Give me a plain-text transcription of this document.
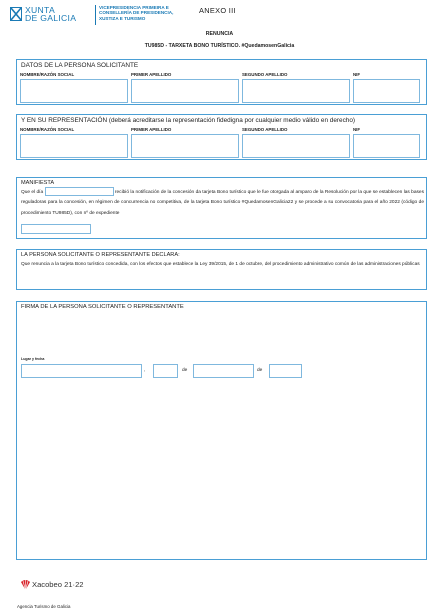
XUNTA
DE GALICIA
VICEPRESIDENCIA PRIMEIRA E
CONSELLERÍA DE PRESIDENCIA,
XUSTIZA E TURISMO
ANEXO III
RENUNCIA
TU985D - TARXETA BONO TURÍSTICO. #QuedamosenGalicia
DATOS DE LA PERSONA SOLICITANTE
NOMBRE/RAZÓN SOCIAL	PRIMER APELLIDO	SEGUNDO APELLIDO	NIF
Y EN SU REPRESENTACIÓN (deberá acreditarse la representación fidedigna por cualquier medio válido en derecho)
NOMBRE/RAZÓN SOCIAL	PRIMER APELLIDO	SEGUNDO APELLIDO	NIF
MANIFIESTA
Que el día	recibió la notificación de la concesión da tarjeta Bono turístico que le fue otorgada al amparo de la Resolución por la que se establecen las bases reguladoras para la concesión, en régimen de concurrencia no competitiva, de la tarjeta Bono turístico #QuedamosenGalicia22 y se procede a su convocatoria para el año 2022 (código de procedimiento TU985D), con nº de expediente
LA PERSONA SOLICITANTE O REPRESENTANTE DECLARA:
Que renuncia a la tarjeta Bono turístico concedida, con los efectos que establece la Ley 39/2015, de 1 de octubre, del procedimiento administrativo común de las administraciones públicas
FIRMA DE LA PERSONA SOLICITANTE O REPRESENTANTE
Lugar y fecha
,	de	de
Xacobeo 21·22
Agencia Turismo de Galicia
